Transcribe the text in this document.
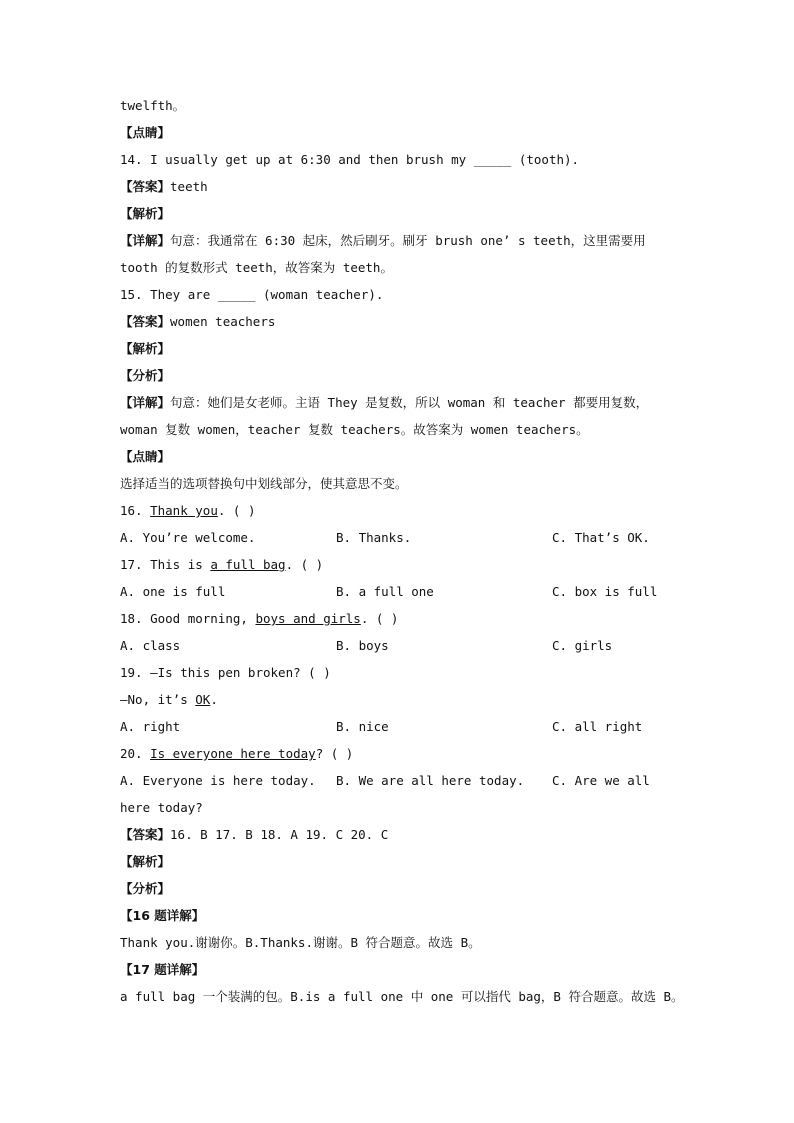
twelfth。
【点睛】
14. I usually get up at 6:30 and then brush my _____ (tooth).
【答案】teeth
【解析】
【详解】句意：我通常在 6:30 起床，然后刷牙。刷牙 brush one’ s teeth，这里需要用
tooth 的复数形式 teeth，故答案为 teeth。
15. They are _____ (woman teacher).
【答案】women teachers
【解析】
【分析】
【详解】句意：她们是女老师。主语 They 是复数，所以 woman 和 teacher 都要用复数，
woman 复数 women，teacher 复数 teachers。故答案为 women teachers。
【点睛】
选择适当的选项替换句中划线部分，使其意思不变。
16. Thank you. ( )
A. You’re welcome.	B. Thanks.	C. That’s OK.
17. This is a full bag. ( )
A. one is full	B. a full one	C. box is full
18. Good morning, boys and girls. ( )
A. class	B. boys	C. girls
19. —Is this pen broken? ( )
—No, it’s OK.
A. right	B. nice	C. all right
20. Is everyone here today? ( )
A. Everyone is here today.	B. We are all here today.	C. Are we all
here today?
【答案】16. B 17. B 18. A 19. C 20. C
【解析】
【分析】
【16 题详解】
Thank you.谢谢你。B.Thanks.谢谢。B 符合题意。故选 B。
【17 题详解】
a full bag 一个装满的包。B.is a full one 中 one 可以指代 bag，B 符合题意。故选 B。
